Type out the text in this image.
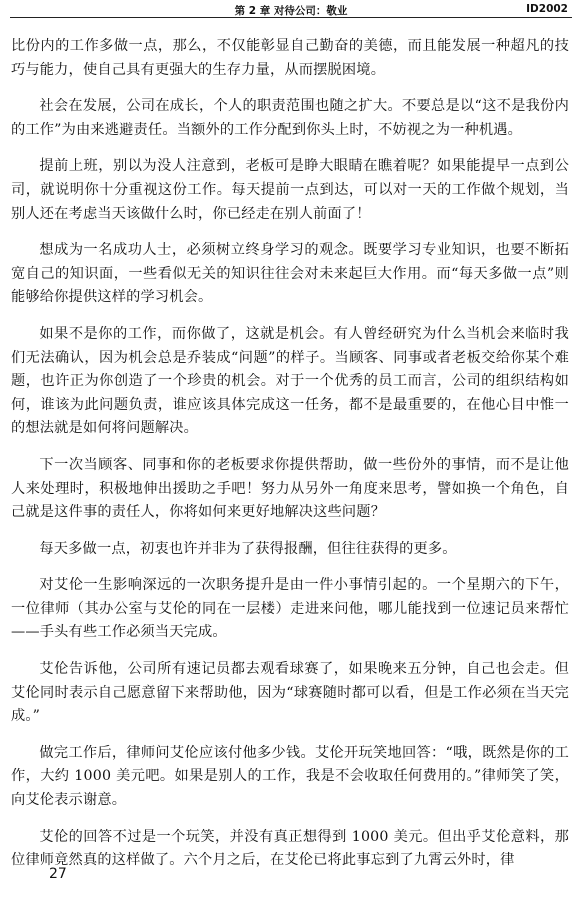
第 2 章 对待公司：敬业	ID2002

比份内的工作多做一点，那么，不仅能彰显自己勤奋的美德，而且能发展一种超凡的技巧与能力，使自己具有更强大的生存力量，从而摆脱困境。

社会在发展，公司在成长，个人的职责范围也随之扩大。不要总是以“这不是我份内的工作”为由来逃避责任。当额外的工作分配到你头上时，不妨视之为一种机遇。

提前上班，别以为没人注意到，老板可是睁大眼睛在瞧着呢？如果能提早一点到公司，就说明你十分重视这份工作。每天提前一点到达，可以对一天的工作做个规划，当别人还在考虑当天该做什么时，你已经走在别人前面了！

想成为一名成功人士，必须树立终身学习的观念。既要学习专业知识，也要不断拓宽自己的知识面，一些看似无关的知识往往会对未来起巨大作用。而“每天多做一点”则能够给你提供这样的学习机会。

如果不是你的工作，而你做了，这就是机会。有人曾经研究为什么当机会来临时我们无法确认，因为机会总是乔装成“问题”的样子。当顾客、同事或者老板交给你某个难题，也许正为你创造了一个珍贵的机会。对于一个优秀的员工而言，公司的组织结构如何，谁该为此问题负责，谁应该具体完成这一任务，都不是最重要的，在他心目中惟一的想法就是如何将问题解决。

下一次当顾客、同事和你的老板要求你提供帮助，做一些份外的事情，而不是让他人来处理时，积极地伸出援助之手吧！努力从另外一角度来思考，譬如换一个角色，自己就是这件事的责任人，你将如何来更好地解决这些问题？

每天多做一点，初衷也许并非为了获得报酬，但往往获得的更多。

对艾伦一生影响深远的一次职务提升是由一件小事情引起的。一个星期六的下午，一位律师（其办公室与艾伦的同在一层楼）走进来问他，哪儿能找到一位速记员来帮忙——手头有些工作必须当天完成。

艾伦告诉他，公司所有速记员都去观看球赛了，如果晚来五分钟，自己也会走。但艾伦同时表示自己愿意留下来帮助他，因为“球赛随时都可以看，但是工作必须在当天完成。”

做完工作后，律师问艾伦应该付他多少钱。艾伦开玩笑地回答：“哦，既然是你的工作，大约 1000 美元吧。如果是别人的工作，我是不会收取任何费用的。”律师笑了笑，向艾伦表示谢意。

艾伦的回答不过是一个玩笑，并没有真正想得到 1000 美元。但出乎艾伦意料，那位律师竟然真的这样做了。六个月之后，在艾伦已将此事忘到了九霄云外时，律

27
